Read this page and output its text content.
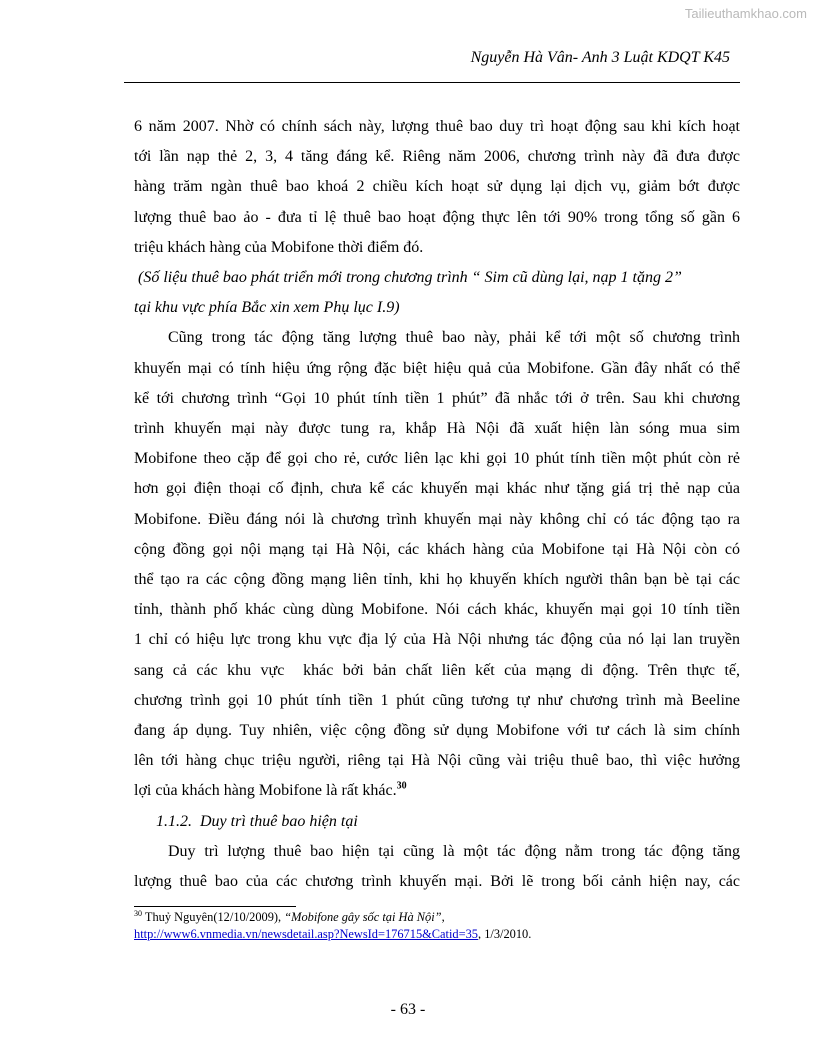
Tailieuthamkhao.com
Nguyễn Hà Vân- Anh 3 Luật KDQT K45
6 năm 2007. Nhờ có chính sách này, lượng thuê bao duy trì hoạt động sau khi kích hoạt
tới lần nạp thẻ 2, 3, 4 tăng đáng kể. Riêng năm 2006, chương trình này đã đưa được
hàng trăm ngàn thuê bao khoá 2 chiều kích hoạt sử dụng lại dịch vụ, giảm bớt được
lượng thuê bao ảo - đưa tỉ lệ thuê bao hoạt động thực lên tới 90% trong tổng số gần 6
triệu khách hàng của Mobifone thời điểm đó.
(Số liệu thuê bao phát triển mới trong chương trình “ Sim cũ dùng lại, nạp 1 tặng 2”
tại khu vực phía Bắc xin xem Phụ lục I.9)
Cũng trong tác động tăng lượng thuê bao này, phải kể tới một số chương trình
khuyến mại có tính hiệu ứng rộng đặc biệt hiệu quả của Mobifone. Gần đây nhất có thể
kể tới chương trình “Gọi 10 phút tính tiền 1 phút” đã nhắc tới ở trên. Sau khi chương
trình khuyến mại này được tung ra, khắp Hà Nội đã xuất hiện làn sóng mua sim
Mobifone theo cặp để gọi cho rẻ, cước liên lạc khi gọi 10 phút tính tiền một phút còn rẻ
hơn gọi điện thoại cố định, chưa kể các khuyến mại khác như tặng giá trị thẻ nạp của
Mobifone. Điều đáng nói là chương trình khuyến mại này không chỉ có tác động tạo ra
cộng đồng gọi nội mạng tại Hà Nội, các khách hàng của Mobifone tại Hà Nội còn có
thể tạo ra các cộng đồng mạng liên tỉnh, khi họ khuyến khích người thân bạn bè tại các
tỉnh, thành phố khác cùng dùng Mobifone. Nói cách khác, khuyến mại gọi 10 tính tiền
1 chỉ có hiệu lực trong khu vực địa lý của Hà Nội nhưng tác động của nó lại lan truyền
sang cả các khu vực  khác bởi bản chất liên kết của mạng di động. Trên thực tế,
chương trình gọi 10 phút tính tiền 1 phút cũng tương tự như chương trình mà Beeline
đang áp dụng. Tuy nhiên, việc cộng đồng sử dụng Mobifone với tư cách là sim chính
lên tới hàng chục triệu người, riêng tại Hà Nội cũng vài triệu thuê bao, thì việc hưởng
lợi của khách hàng Mobifone là rất khác.$^{30}$
1.1.2.  Duy trì thuê bao hiện tại
Duy trì lượng thuê bao hiện tại cũng là một tác động nằm trong tác động tăng
lượng thuê bao của các chương trình khuyến mại. Bởi lẽ trong bối cảnh hiện nay, các
$^{30}$ Thuỷ Nguyên(12/10/2009), “Mobifone gây sốc tại Hà Nội”,
http://www6.vnmedia.vn/newsdetail.asp?NewsId=176715&Catid=35, 1/3/2010.
- 63 -
